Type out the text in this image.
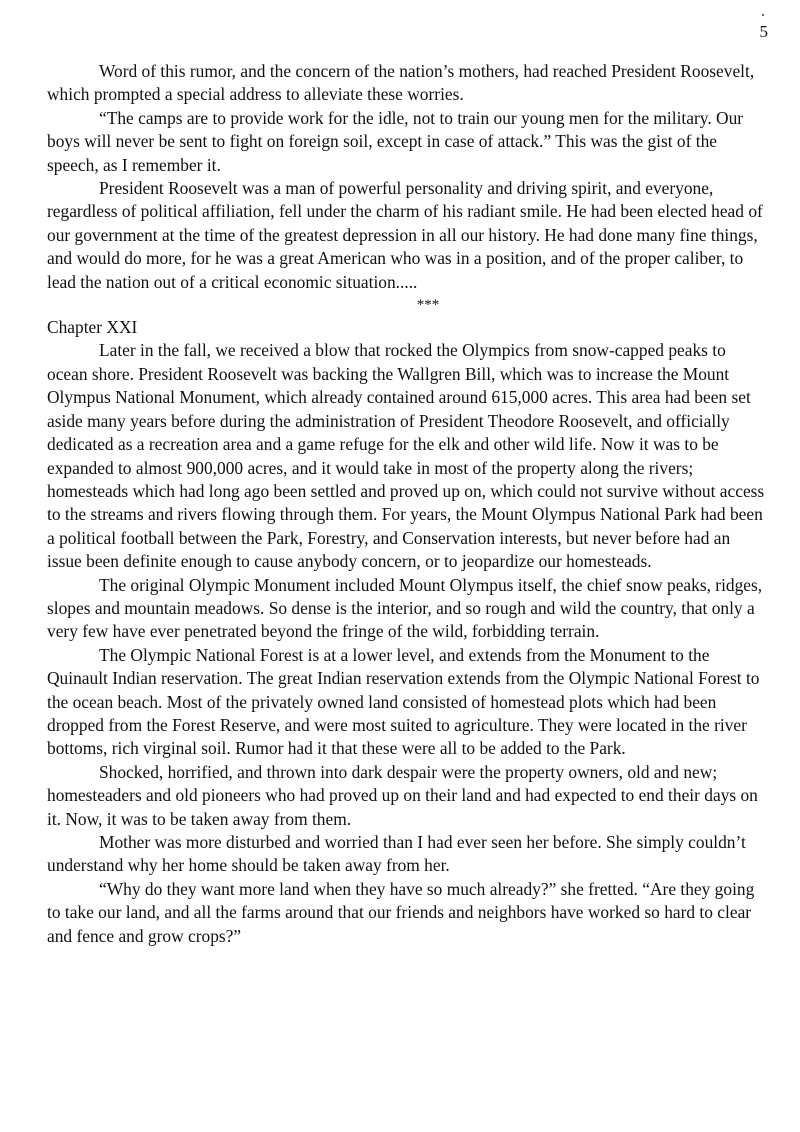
5

Word of this rumor, and the concern of the nation’s mothers, had reached President Roosevelt, which prompted a special address to alleviate these worries.

“The camps are to provide work for the idle, not to train our young men for the military. Our boys will never be sent to fight on foreign soil, except in case of attack.” This was the gist of the speech, as I remember it.

President Roosevelt was a man of powerful personality and driving spirit, and everyone, regardless of political affiliation, fell under the charm of his radiant smile. He had been elected head of our government at the time of the greatest depression in all our history. He had done many fine things, and would do more, for he was a great American who was in a position, and of the proper caliber, to lead the nation out of a critical economic situation.....

***

Chapter XXI

Later in the fall, we received a blow that rocked the Olympics from snow-capped peaks to ocean shore. President Roosevelt was backing the Wallgren Bill, which was to increase the Mount Olympus National Monument, which already contained around 615,000 acres. This area had been set aside many years before during the administration of President Theodore Roosevelt, and officially dedicated as a recreation area and a game refuge for the elk and other wild life. Now it was to be expanded to almost 900,000 acres, and it would take in most of the property along the rivers; homesteads which had long ago been settled and proved up on, which could not survive without access to the streams and rivers flowing through them. For years, the Mount Olympus National Park had been a political football between the Park, Forestry, and Conservation interests, but never before had an issue been definite enough to cause anybody concern, or to jeopardize our homesteads.

The original Olympic Monument included Mount Olympus itself, the chief snow peaks, ridges, slopes and mountain meadows. So dense is the interior, and so rough and wild the country, that only a very few have ever penetrated beyond the fringe of the wild, forbidding terrain.

The Olympic National Forest is at a lower level, and extends from the Monument to the Quinault Indian reservation. The great Indian reservation extends from the Olympic National Forest to the ocean beach. Most of the privately owned land consisted of homestead plots which had been dropped from the Forest Reserve, and were most suited to agriculture. They were located in the river bottoms, rich virginal soil. Rumor had it that these were all to be added to the Park.

Shocked, horrified, and thrown into dark despair were the property owners, old and new; homesteaders and old pioneers who had proved up on their land and had expected to end their days on it. Now, it was to be taken away from them.

Mother was more disturbed and worried than I had ever seen her before. She simply couldn’t understand why her home should be taken away from her.

“Why do they want more land when they have so much already?” she fretted. “Are they going to take our land, and all the farms around that our friends and neighbors have worked so hard to clear and fence and grow crops?”
